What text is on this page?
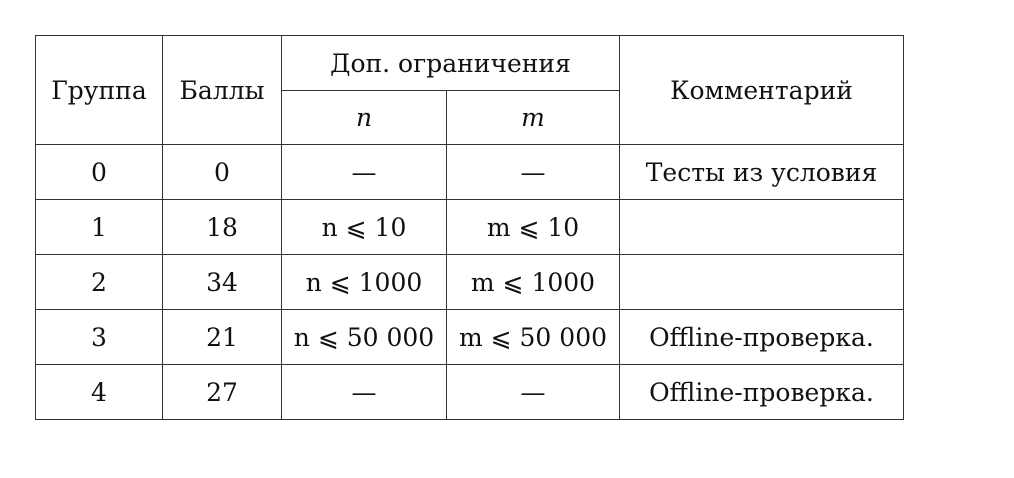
Группа	Баллы	Доп. ограничения		Комментарий
		n	m	
0	0	—	—	Тесты из условия
1	18	n ⩽ 10	m ⩽ 10	
2	34	n ⩽ 1000	m ⩽ 1000	
3	21	n ⩽ 50 000	m ⩽ 50 000	Offline-проверка.
4	27	—	—	Offline-проверка.
